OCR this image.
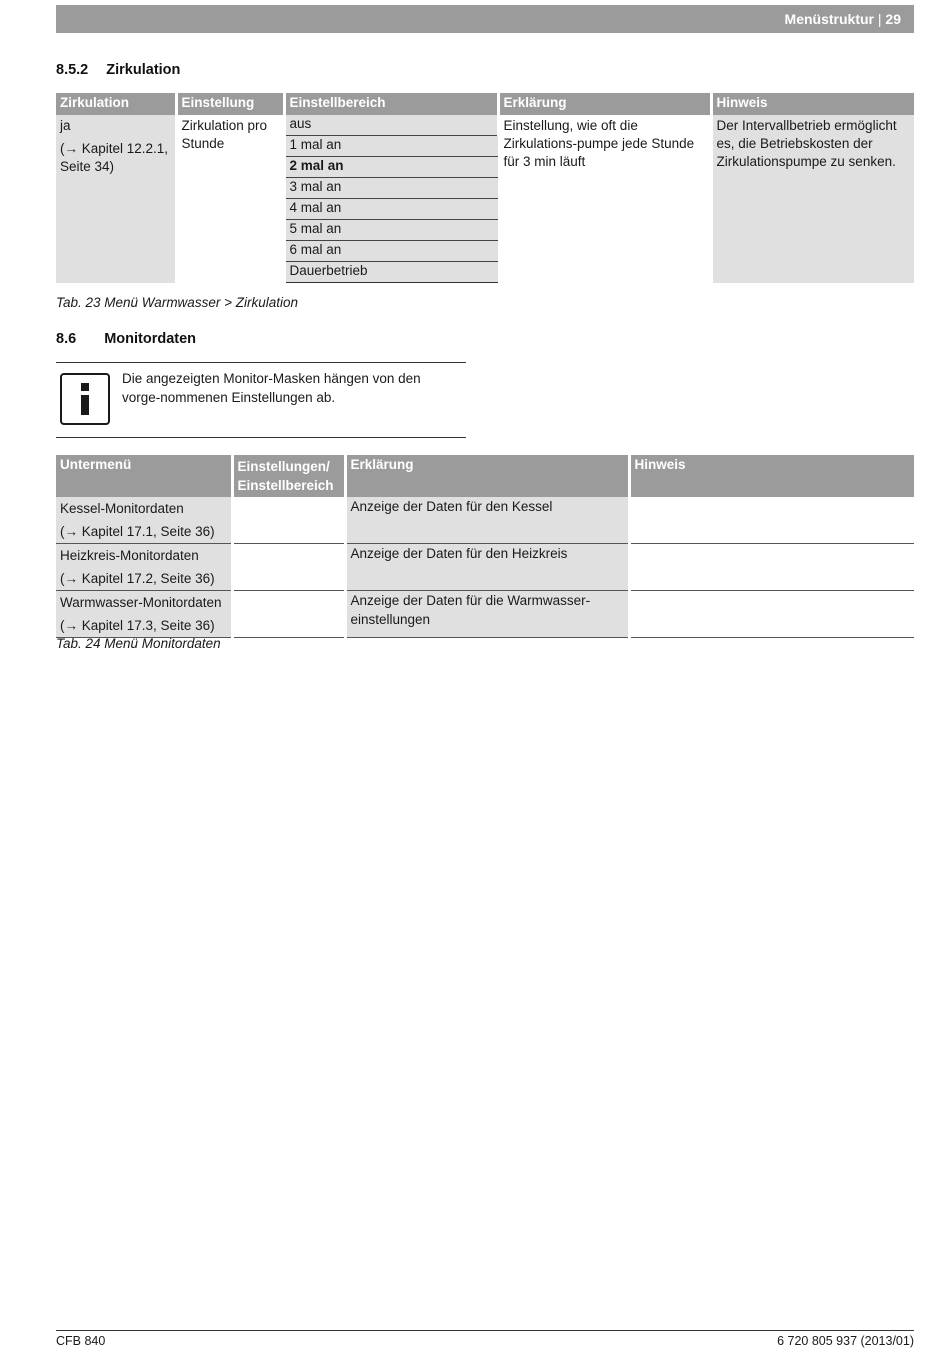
Menüstruktur | 29
8.5.2 Zirkulation
Zirkulation	Einstellung	Einstellbereich	Erklärung	Hinweis

ja
(→ Kapitel 12.2.1,
Seite 34)	Zirkulation pro Stunde	aus	Einstellung, wie oft die Zirkulations-pumpe jede Stunde für 3 min läuft	Der Intervallbetrieb ermöglicht es, die Betriebskosten der Zirkulationspumpe zu senken.

		1 mal an		
		2 mal an		
		3 mal an		
		4 mal an		
		5 mal an		
		6 mal an		
		Dauerbetrieb		
Tab. 23 Menü Warmwasser > Zirkulation
8.6 Monitordaten
Die angezeigten Monitor-Masken hängen von den vorge-nommenen Einstellungen ab.
Untermenü	Einstellungen/ Einstellbereich	Erklärung	Hinweis

Kessel-Monitordaten
(→ Kapitel 17.1, Seite 36)		Anzeige der Daten für den Kessel	

Heizkreis-Monitordaten
(→ Kapitel 17.2, Seite 36)		Anzeige der Daten für den Heizkreis	

Warmwasser-Monitordaten
(→ Kapitel 17.3, Seite 36)		Anzeige der Daten für die Warmwasser-einstellungen	
Tab. 24 Menü Monitordaten
CFB 840	6 720 805 937 (2013/01)
